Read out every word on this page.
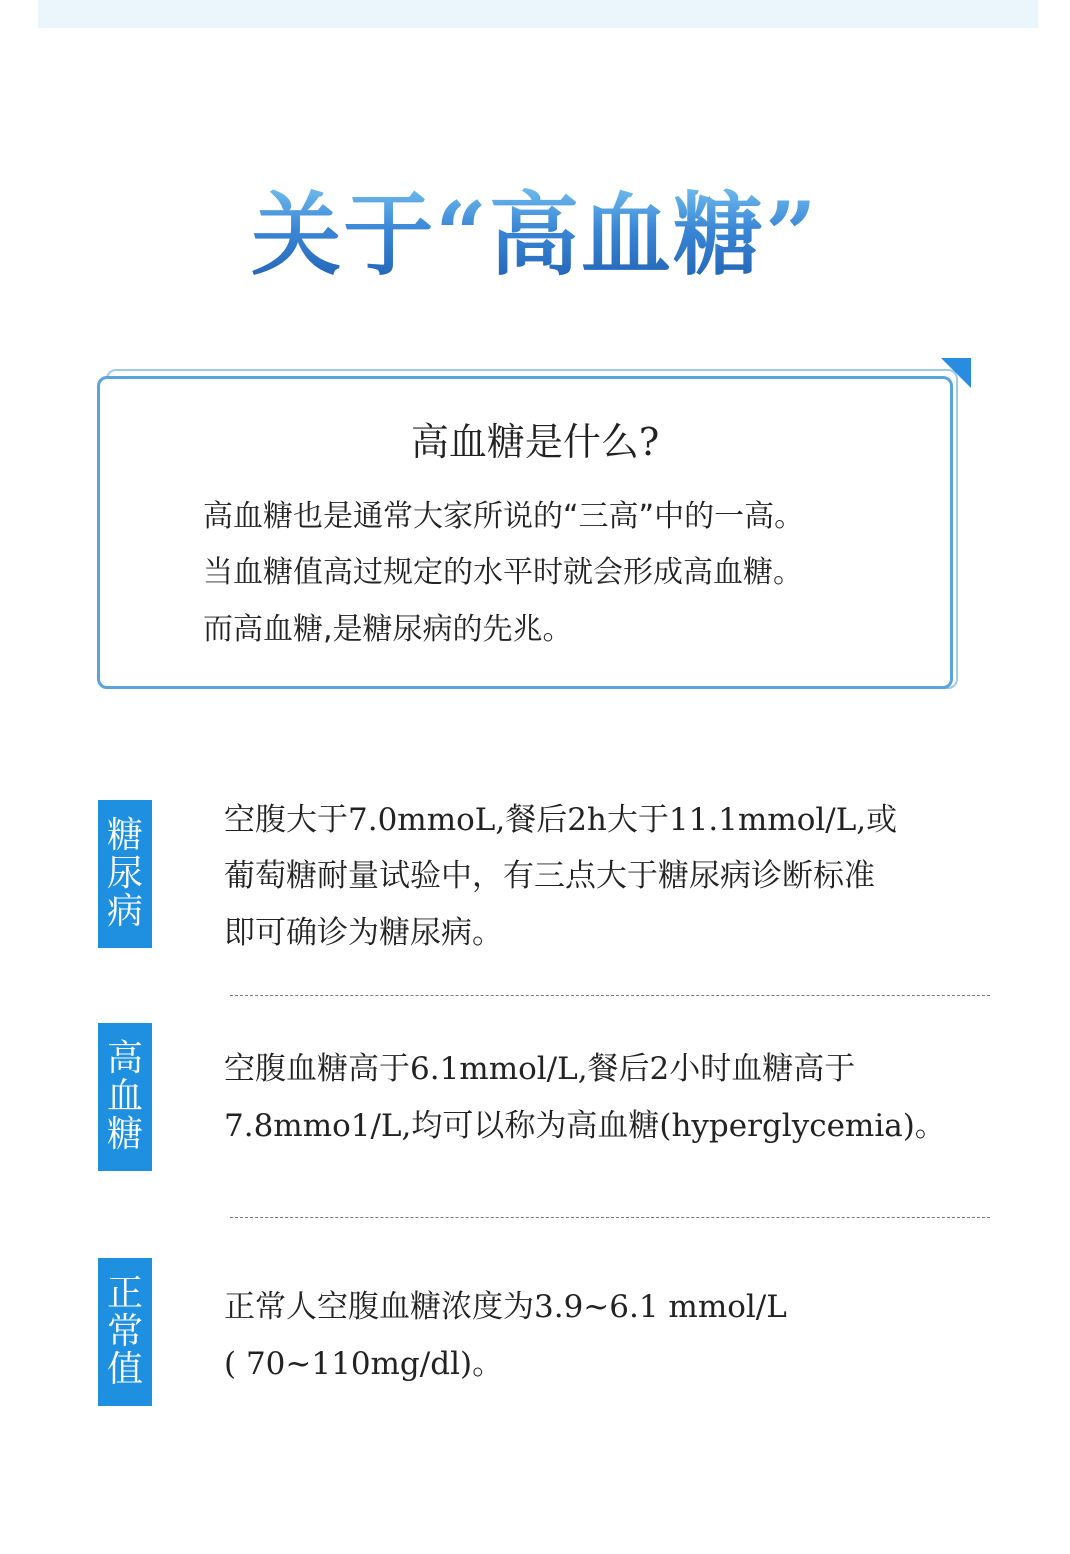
关于“高血糖”
高血糖是什么?
高血糖也是通常大家所说的“三高”中的一高。
当血糖值高过规定的水平时就会形成高血糖。
而高血糖,是糖尿病的先兆。
糖
尿
病
空腹大于7.0mmoL,餐后2h大于11.1mmol/L,或
葡萄糖耐量试验中，有三点大于糖尿病诊断标准
即可确诊为糖尿病。
高
血
糖
空腹血糖高于6.1mmol/L,餐后2小时血糖高于
7.8mmo1/L,均可以称为高血糖(hyperglycemia)。
正
常
值
正常人空腹血糖浓度为3.9~6.1 mmol/L
( 70~110mg/dl)。
